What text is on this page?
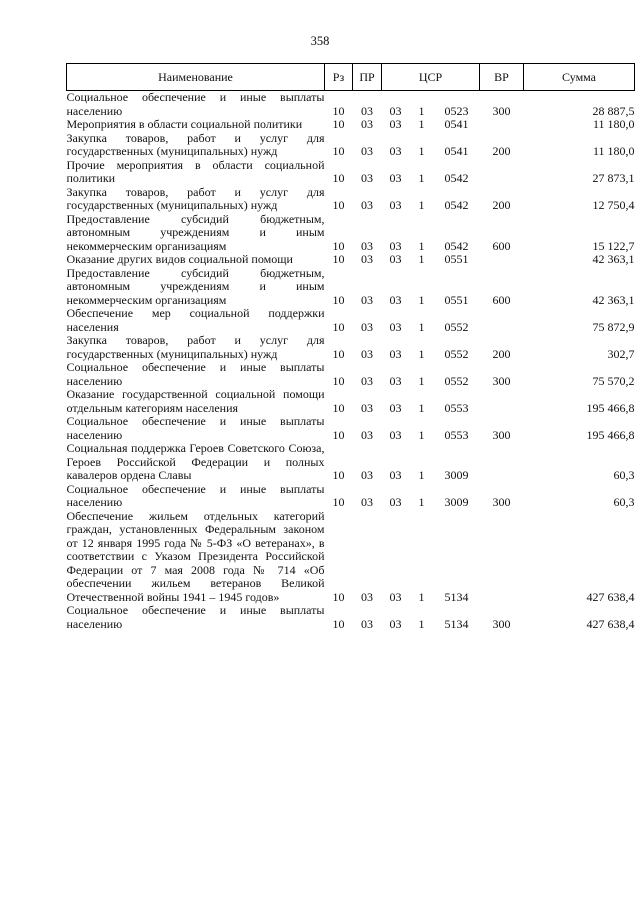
358
Наименование	Рз	ПР	ЦСР			ВР	Сумма
Социальное обеспечение и иные выплаты населению	10	03	03	1	0523	300	28 887,5
Мероприятия в области социальной политики	10	03	03	1	0541		11 180,0
Закупка товаров, работ и услуг для государственных (муниципальных) нужд	10	03	03	1	0541	200	11 180,0
Прочие мероприятия в области социальной политики	10	03	03	1	0542		27 873,1
Закупка товаров, работ и услуг для государственных (муниципальных) нужд	10	03	03	1	0542	200	12 750,4
Предоставление субсидий бюджетным, автономным учреждениям и иным некоммерческим организациям	10	03	03	1	0542	600	15 122,7
Оказание других видов социальной помощи	10	03	03	1	0551		42 363,1
Предоставление субсидий бюджетным, автономным учреждениям и иным некоммерческим организациям	10	03	03	1	0551	600	42 363,1
Обеспечение мер социальной поддержки населения	10	03	03	1	0552		75 872,9
Закупка товаров, работ и услуг для государственных (муниципальных) нужд	10	03	03	1	0552	200	302,7
Социальное обеспечение и иные выплаты населению	10	03	03	1	0552	300	75 570,2
Оказание государственной социальной помощи отдельным категориям населения	10	03	03	1	0553		195 466,8
Социальное обеспечение и иные выплаты населению	10	03	03	1	0553	300	195 466,8
Социальная поддержка Героев Советского Союза, Героев Российской Федерации и полных кавалеров ордена Славы	10	03	03	1	3009		60,3
Социальное обеспечение и иные выплаты населению	10	03	03	1	3009	300	60,3
Обеспечение жильем отдельных категорий граждан, установленных Федеральным законом от 12 января 1995 года № 5-ФЗ «О ветеранах», в соответствии с Указом Президента Российской Федерации от 7 мая 2008 года № 714 «Об обеспечении жильем ветеранов Великой Отечественной войны 1941 – 1945 годов»	10	03	03	1	5134		427 638,4
Социальное обеспечение и иные выплаты населению	10	03	03	1	5134	300	427 638,4
